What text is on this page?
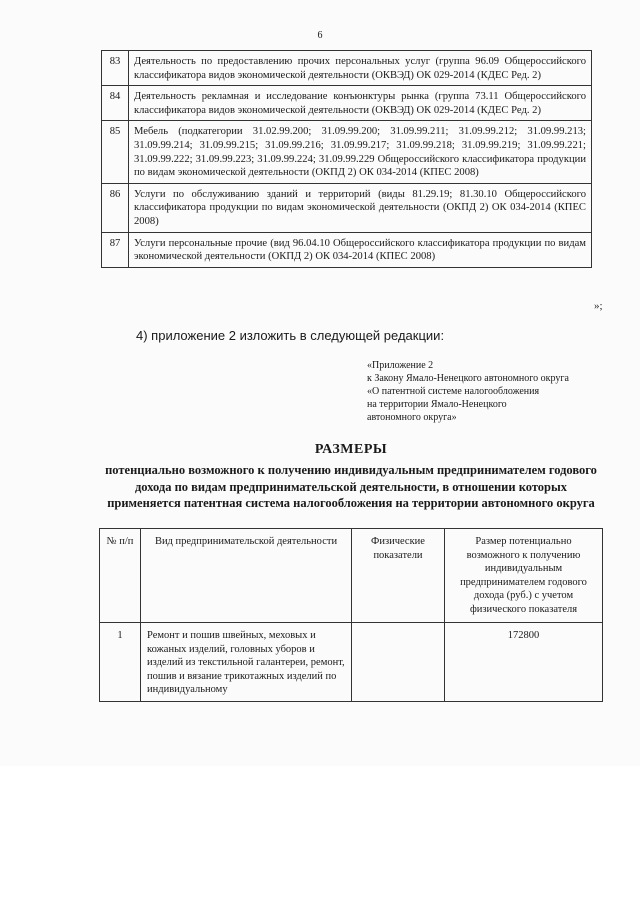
6
83	Деятельность по предоставлению прочих персональных услуг (группа 96.09 Общероссийского классификатора видов экономической деятельности (ОКВЭД) ОК 029-2014 (КДЕС Ред. 2)
84	Деятельность рекламная и исследование конъюнктуры рынка (группа 73.11 Общероссийского классификатора видов экономической деятельности (ОКВЭД) ОК 029-2014 (КДЕС Ред. 2)
85	Мебель (подкатегории 31.02.99.200; 31.09.99.200; 31.09.99.211; 31.09.99.212; 31.09.99.213; 31.09.99.214; 31.09.99.215; 31.09.99.216; 31.09.99.217; 31.09.99.218; 31.09.99.219; 31.09.99.221; 31.09.99.222; 31.09.99.223; 31.09.99.224; 31.09.99.229 Общероссийского классификатора продукции по видам экономической деятельности (ОКПД 2) ОК 034-2014 (КПЕС 2008)
86	Услуги по обслуживанию зданий и территорий (виды 81.29.19; 81.30.10 Общероссийского классификатора продукции по видам экономической деятельности (ОКПД 2) ОК 034-2014 (КПЕС 2008)
87	Услуги персональные прочие (вид 96.04.10 Общероссийского классификатора продукции по видам экономической деятельности (ОКПД 2) ОК 034-2014 (КПЕС 2008)
»;
4) приложение 2 изложить в следующей редакции:
«Приложение 2
к Закону Ямало-Ненецкого автономного округа
«О патентной системе налогообложения
на территории Ямало-Ненецкого
автономного округа»
РАЗМЕРЫ
потенциально возможного к получению индивидуальным предпринимателем годового дохода по видам предпринимательской деятельности, в отношении которых применяется патентная система налогообложения на территории автономного округа
№ п/п	Вид предпринимательской деятельности	Физические показатели	Размер потенциально возможного к получению индивидуальным предпринимателем годового дохода (руб.) с учетом физического показателя
1	Ремонт и пошив швейных, меховых и кожаных изделий, головных уборов и изделий из текстильной галантереи, ремонт, пошив и вязание трикотажных изделий по индивидуальному		172800
